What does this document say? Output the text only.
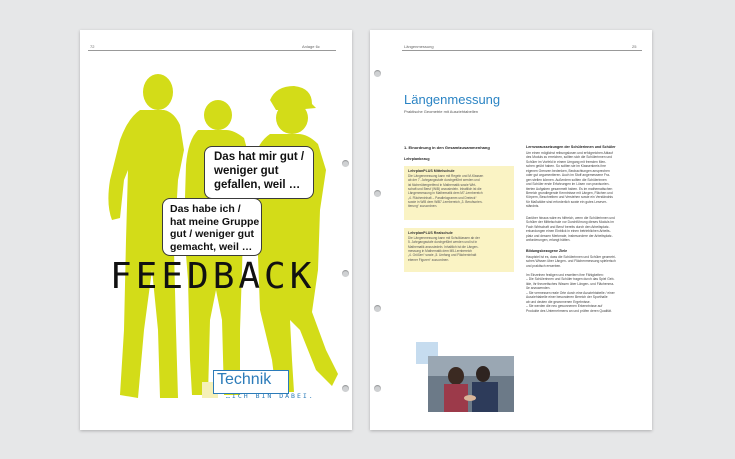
72	Anlage 6c
Das hat mir gut /
weniger gut
gefallen, weil …
Das habe ich /
hat meine Gruppe
gut / weniger gut
gemacht, weil …
FEEDBACK
Technik
…ICH BIN DABEI.
Längenmessung	25
Längenmessung
Praktische Geometrie mit Ausziehtabellen
1. Einordnung in den Gesamtzusammenhang
Lehrplanbezug
LehrplanPLUS Mittelschule
Die Längenmessung kann mit Regeln und M-Klassen
ab der 7. Jahrgangsstufe durchgeführt werden und
ist fächerübergreifend in Mathematik sowie Wirt-
schaft und Beruf (WiB) anzusiedeln. Inhaltlich ist die
Längenmessung in Mathematik dem M7-Lernbereich
„4. Flächeninhalt – Parallelogramm und Dreieck“
sowie in WiB dem WiB7-Lernbereich „3. Berufsorien-
tierung“ zuzuordnen.
LehrplanPLUS Realschule
Die Längenmessung kann mit Schulklassen ab der
5. Jahrgangsstufe durchgeführt werden und ist in
Mathematik anzusiedeln. Inhaltlich ist die Längen-
messung in Mathematik dem M5-Lernbereich
„4. Größen“ sowie „5. Umfang und Flächeninhalt
ebener Figuren“ zuzuordnen.
Lernvoraussetzungen der Schülerinnen und Schüler
Um einen möglichst reibungslosen und erfolgreichen Ablauf
des Moduls zu erreichen, sollten sich die Schülerinnen und
Schüler im Vorfeld in einem Umgang mit fremden Men-
schen geübt haben. So sollten sie im Klassenkreis ihre
eigenen Grenzen bedenken, Beobachtungen ansprechen
oder gut argumentieren. Auch im Stoff angemessene Fra-
gen stellen können. Außerdem sollten die Schülerinnen
und Schüler erste Erfahrungen im Lösen von praxisorien-
tierten Aufgaben gesammelt haben. Es im mathematischen
Bereich grundlegende Kenntnisse mit Längen, Flächen und
Körpern, Beschreiben und Verstehen sowie ein Verständnis
für Maßstäbe sind erforderlich sowie ein gutes Lesever-
ständnis.
Darüber hinaus wäre es hilfreich, wenn die Schülerinnen und
Schüler der Mittelschule vor Durchführung dieses Moduls im
Fach Wirtschaft und Beruf bereits durch den Arbeitsplatz-
erkundungen einen Einblick in einen betrieblichen Arbeits-
platz und dessen Merkmale, insbesondere der Arbeitsplatz-
anforderungen, erlangt hätten.
Bildungsbezogene Ziele
Hauptziel ist es, dass die Schülerinnen und Schüler geometri-
sches Wissen über Längen- und Flächenmessung spielerisch
und praktisch erwerben.
Im Einzelnen festigen und erweitern ihre Fähigkeiten:
– Die Schülerinnen und Schüler tragen durch das Spiel Geb-
ilde, ihr theoretisches Wissen über Längen- und Flächenma-
ße anzuwenden.
– Sie vermessen reale Orte durch eine Ausziehtabelle / einer
Ausziehtabelle einer besonderen Bereich der Sporthalle
ab und deuten die gewonnenen Ergebnisse.
– Sie werden die neu gewonnenen Erkenntnisse auf
Produkte des Unternehmens an und prüfen deren Qualität.
